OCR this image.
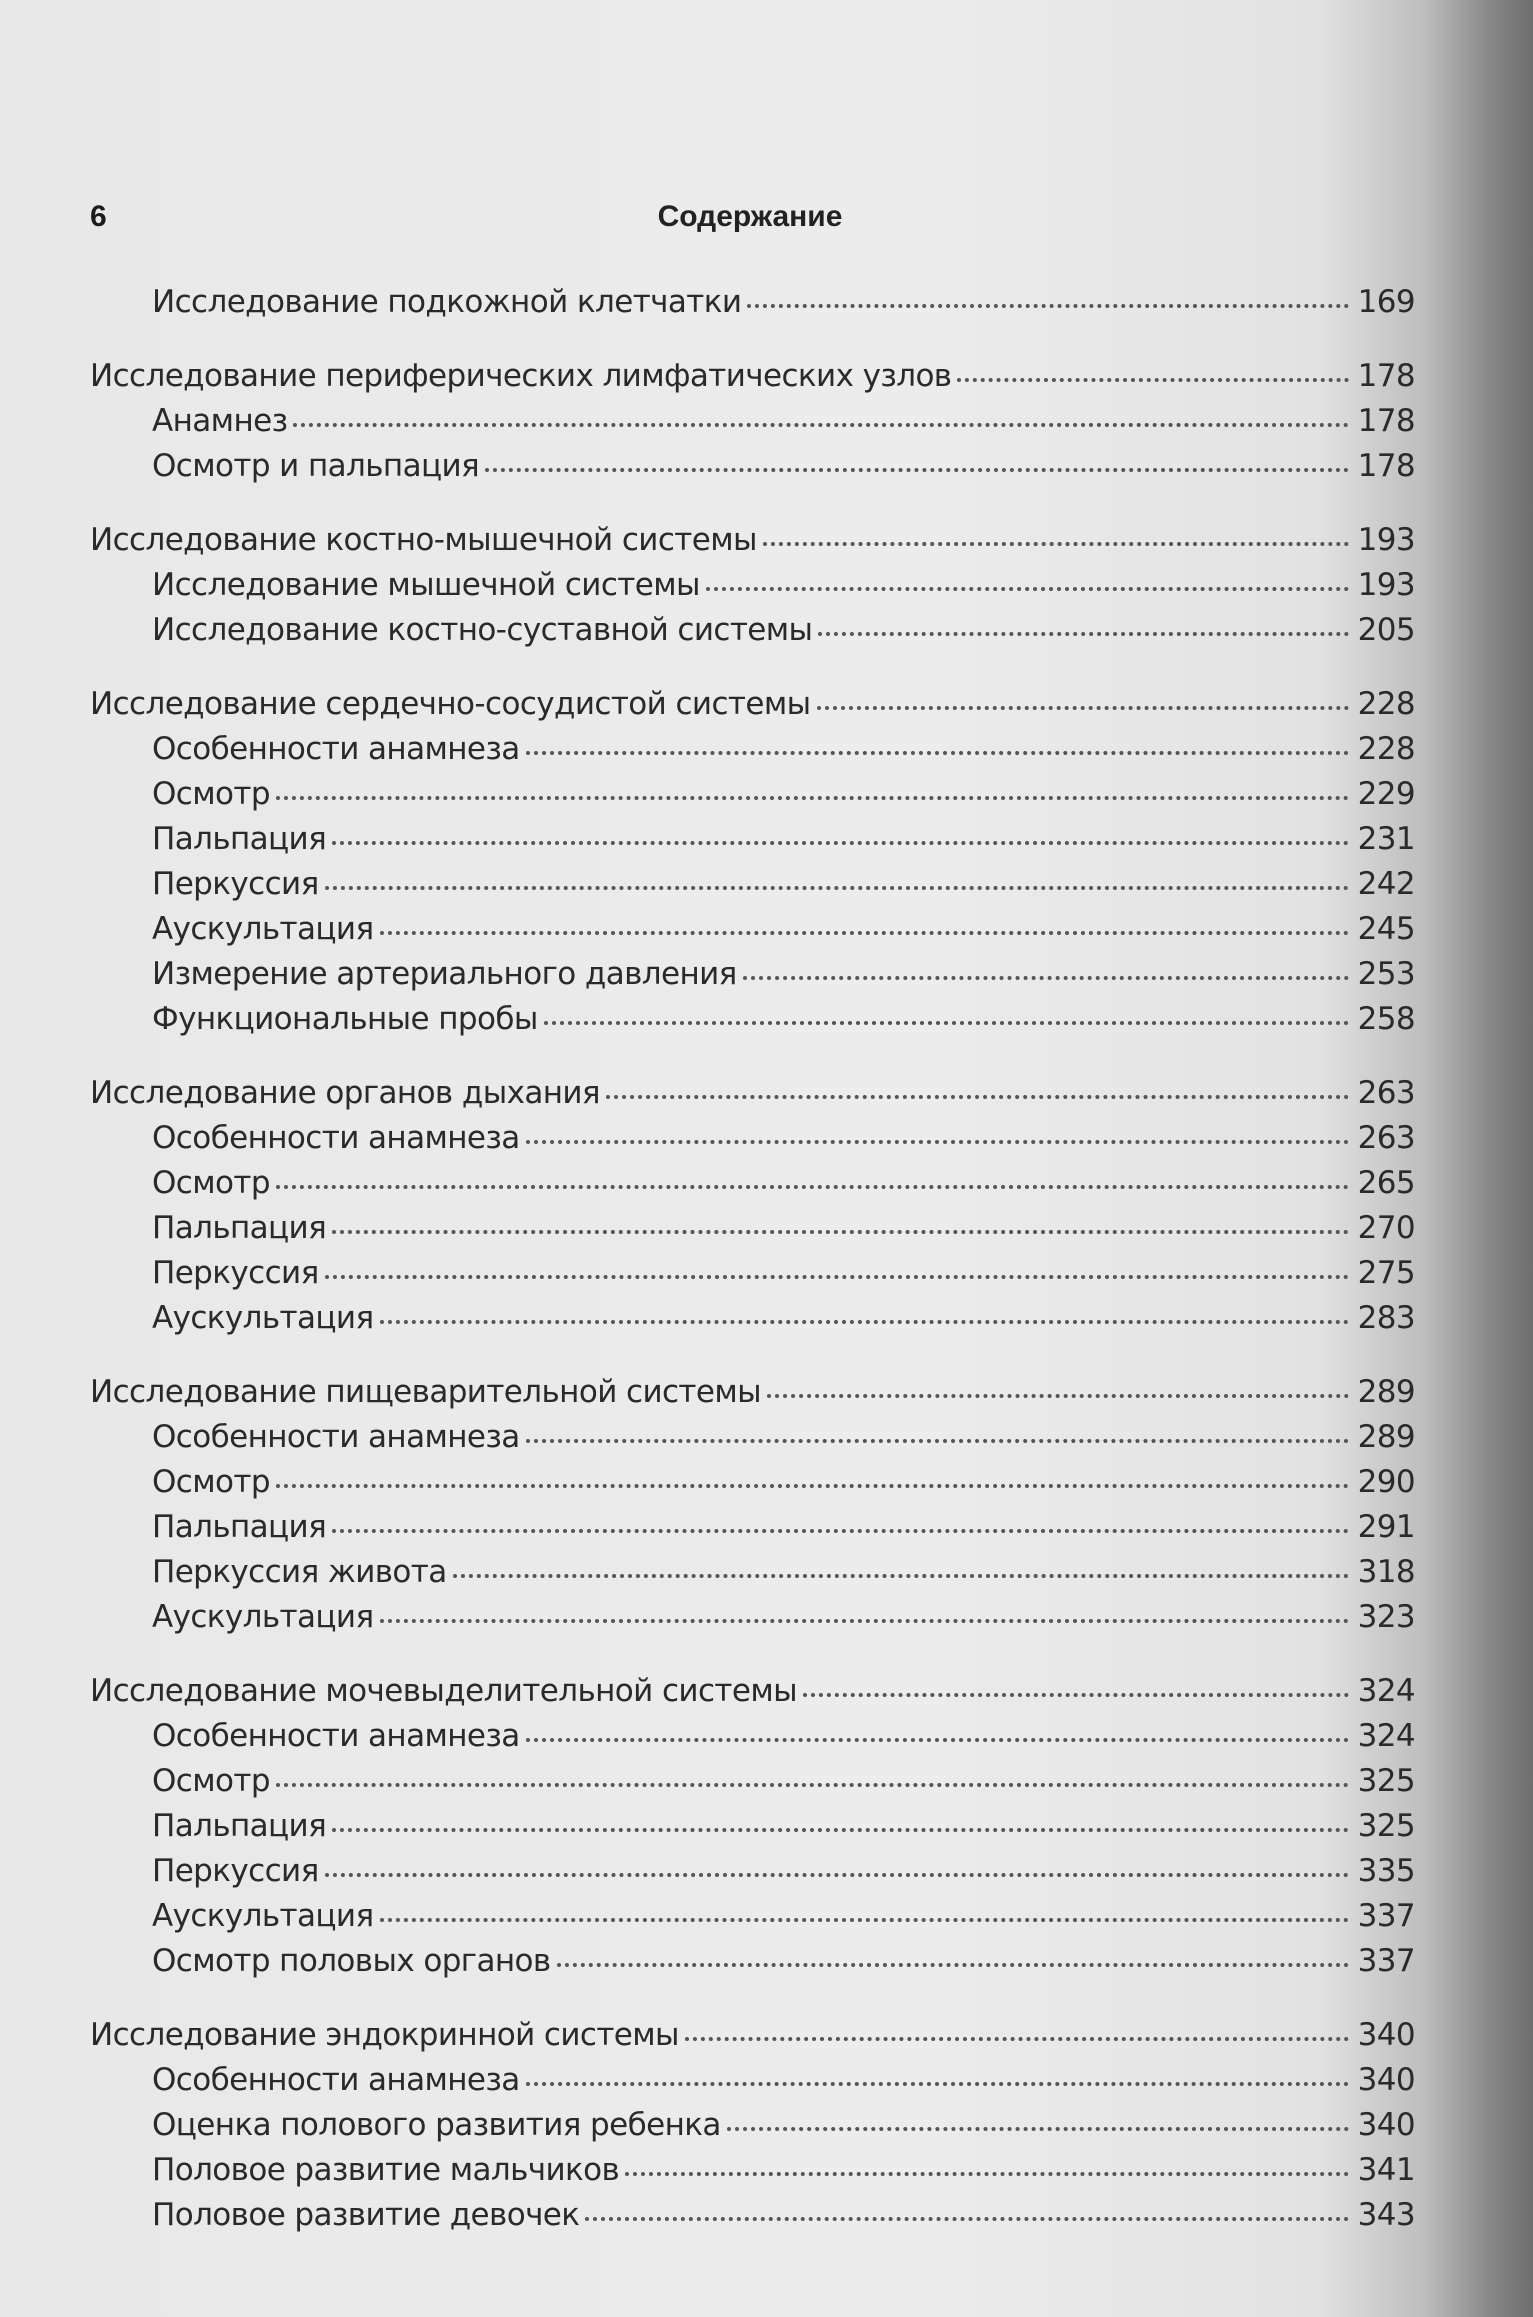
6	Содержание
Исследование подкожной клетчатки	169
Исследование периферических лимфатических узлов	178
Анамнез	178
Осмотр и пальпация	178
Исследование костно-мышечной системы	193
Исследование мышечной системы	193
Исследование костно-суставной системы	205
Исследование сердечно-сосудистой системы	228
Особенности анамнеза	228
Осмотр	229
Пальпация	231
Перкуссия	242
Аускультация	245
Измерение артериального давления	253
Функциональные пробы	258
Исследование органов дыхания	263
Особенности анамнеза	263
Осмотр	265
Пальпация	270
Перкуссия	275
Аускультация	283
Исследование пищеварительной системы	289
Особенности анамнеза	289
Осмотр	290
Пальпация	291
Перкуссия живота	318
Аускультация	323
Исследование мочевыделительной системы	324
Особенности анамнеза	324
Осмотр	325
Пальпация	325
Перкуссия	335
Аускультация	337
Осмотр половых органов	337
Исследование эндокринной системы	340
Особенности анамнеза	340
Оценка полового развития ребенка	340
Половое развитие мальчиков	341
Половое развитие девочек	343
